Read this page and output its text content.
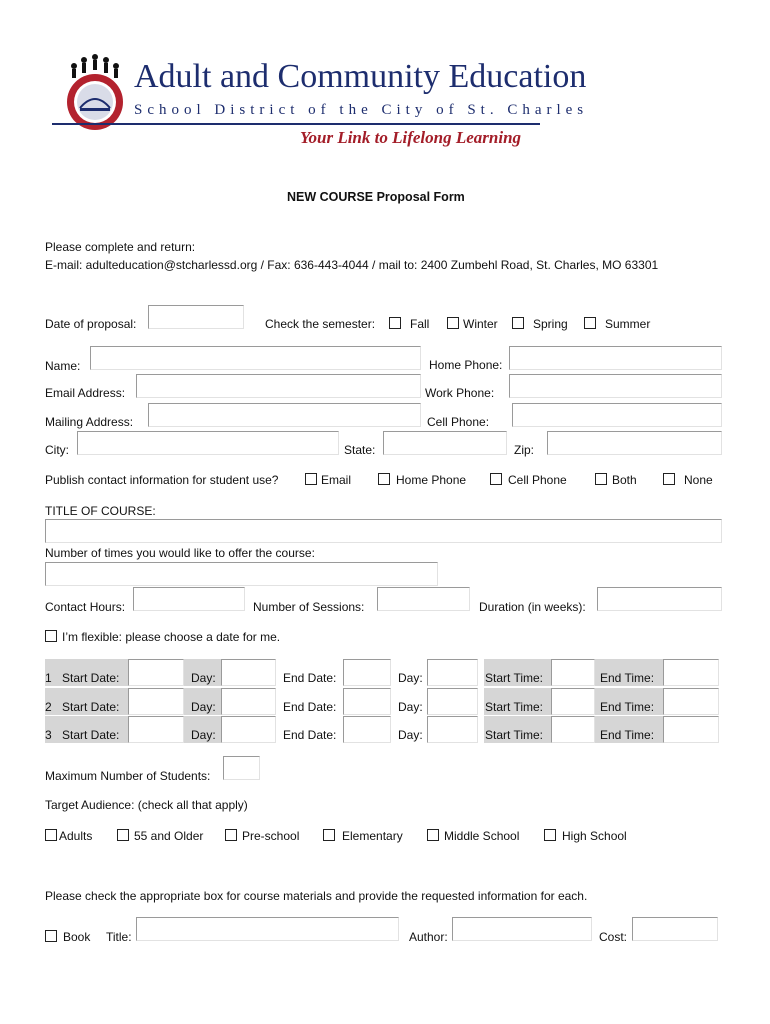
Adult and Community Education
School District of the City of St. Charles
Your Link to Lifelong Learning
NEW COURSE Proposal Form
Please complete and return:
E-mail: adulteducation@stcharlessd.org / Fax: 636-443-4044 / mail to: 2400 Zumbehl Road, St. Charles, MO 63301
Date of proposal:	Check the semester:	Fall	Winter	Spring	Summer
Name:	Home Phone:
Email Address:	Work Phone:
Mailing Address:	Cell Phone:
City:	State:	Zip:
Publish contact information for student use?	Email	Home Phone	Cell Phone	Both	None
TITLE OF COURSE:
Number of times you would like to offer the course:
Contact Hours:	Number of Sessions:	Duration (in weeks):
I’m flexible: please choose a date for me.
1 Start Date:	Day:	End Date:	Day:	Start Time:	End Time:
2 Start Date:	Day:	End Date:	Day:	Start Time:	End Time:
3 Start Date:	Day:	End Date:	Day:	Start Time:	End Time:
Maximum Number of Students:
Target Audience: (check all that apply)
Adults	55 and Older	Pre-school	Elementary	Middle School	High School
Please check the appropriate box for course materials and provide the requested information for each.
Book Title:	Author:	Cost:
